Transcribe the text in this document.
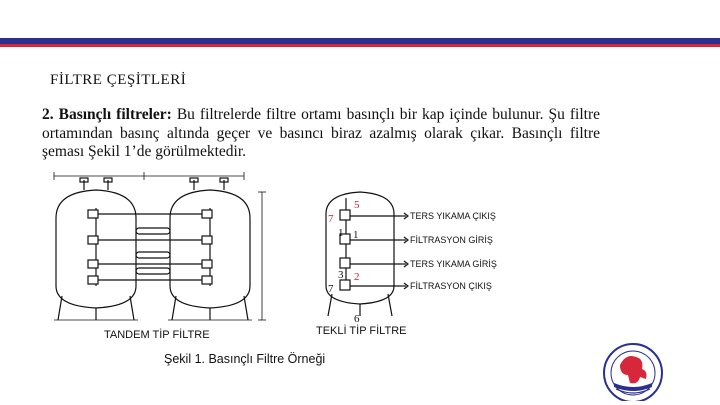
FİLTRE ÇEŞİTLERİ
2. Basınçlı filtreler: Bu filtrelerde filtre ortamı basınçlı bir kap içinde bulunur. Şu filtre ortamından basınç altında geçer ve basıncı biraz azalmış olarak çıkar. Basınçlı filtre şeması Şekil 1’de görülmektedir.
5
7
1 1
3 2
7
6
TERS YIKAMA ÇIKIŞ
FİLTRASYON GİRİŞ
TERS YIKAMA GİRİŞ
FİLTRASYON ÇIKIŞ
TANDEM TİP FİLTRE	TEKLİ TİP FİLTRE
Şekil 1. Basınçlı Filtre Örneği
